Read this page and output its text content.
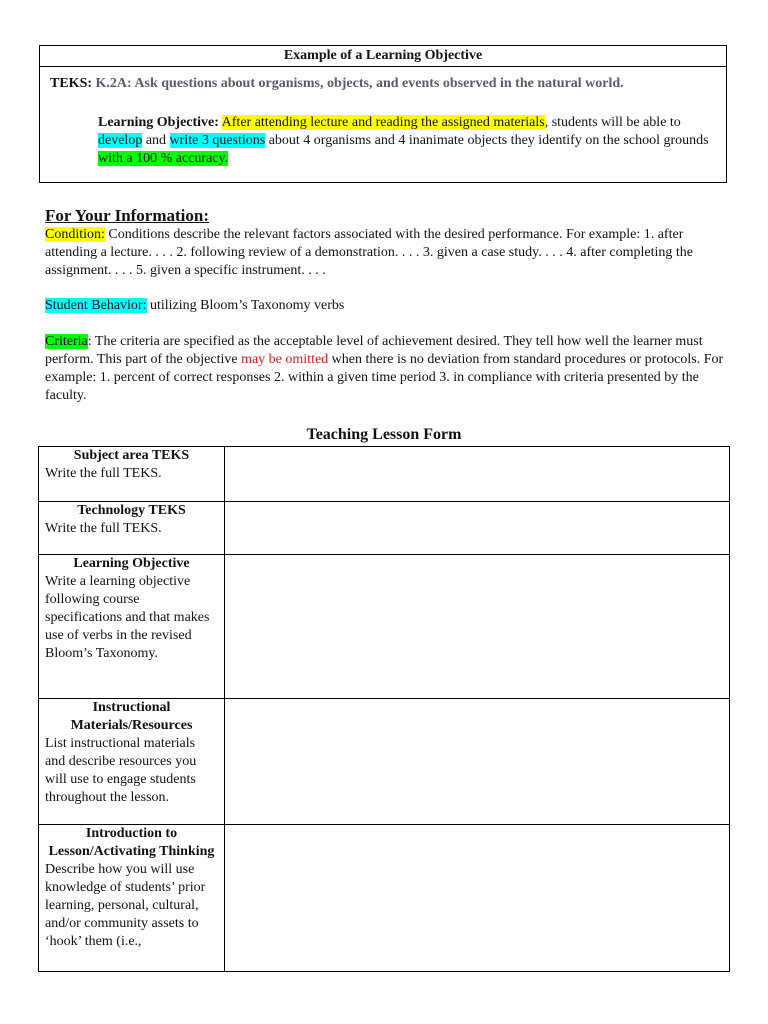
Example of a Learning Objective
TEKS: K.2A: Ask questions about organisms, objects, and events observed in the natural world.
Learning Objective: After attending lecture and reading the assigned materials, students will be able to develop and write 3 questions about 4 organisms and 4 inanimate objects they identify on the school grounds with a 100 % accuracy.
For Your Information:
Condition: Conditions describe the relevant factors associated with the desired performance. For example: 1. after attending a lecture. . . . 2. following review of a demonstration. . . . 3. given a case study. . . . 4. after completing the assignment. . . . 5. given a specific instrument. . . .
Student Behavior: utilizing Bloom’s Taxonomy verbs
Criteria: The criteria are specified as the acceptable level of achievement desired. They tell how well the learner must perform. This part of the objective may be omitted when there is no deviation from standard procedures or protocols. For example: 1. percent of correct responses 2. within a given time period 3. in compliance with criteria presented by the faculty.
Teaching Lesson Form
Subject area TEKS
Write the full TEKS.	

Technology TEKS
Write the full TEKS.	

Learning Objective
Write a learning objective following course specifications and that makes use of verbs in the revised Bloom’s Taxonomy.	

Instructional Materials/Resources
List instructional materials and describe resources you will use to engage students throughout the lesson.	

Introduction to Lesson/Activating Thinking
Describe how you will use knowledge of students’ prior learning, personal, cultural, and/or community assets to ‘hook’ them (i.e.,	
